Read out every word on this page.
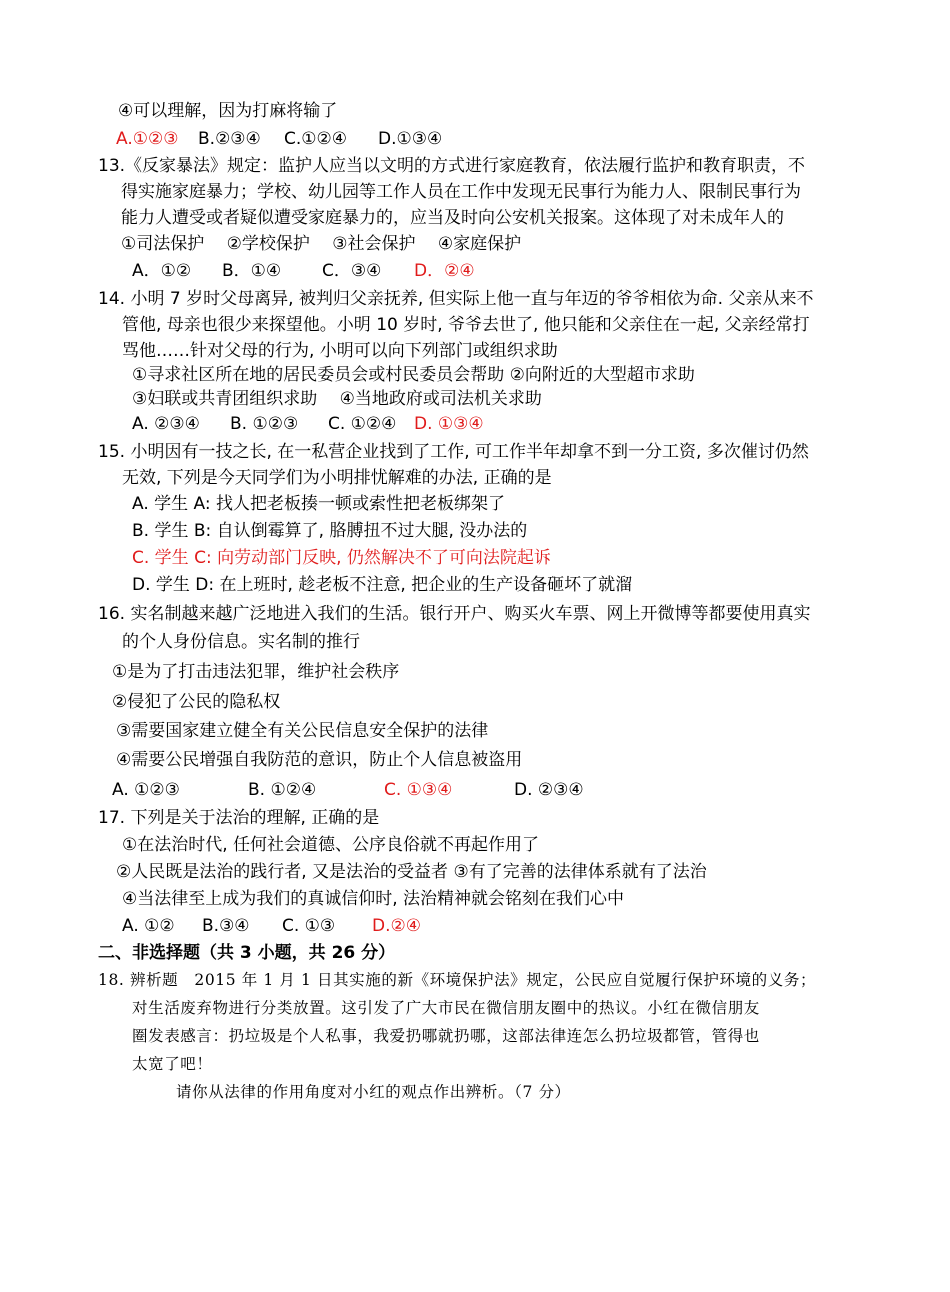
④可以理解，因为打麻将输了
A.①②③ B.②③④ C.①②④ D.①③④
13.《反家暴法》规定：监护人应当以文明的方式进行家庭教育，依法履行监护和教育职责，不
得实施家庭暴力；学校、幼儿园等工作人员在工作中发现无民事行为能力人、限制民事行为
能力人遭受或者疑似遭受家庭暴力的，应当及时向公安机关报案。这体现了对未成年人的
①司法保护　 ②学校保护　 ③社会保护　 ④家庭保护
A．①② B．①④ C．③④ D．②④
14. 小明 7 岁时父母离异, 被判归父亲抚养, 但实际上他一直与年迈的爷爷相依为命. 父亲从来不
管他, 母亲也很少来探望他。小明 10 岁时, 爷爷去世了, 他只能和父亲住在一起, 父亲经常打
骂他……针对父母的行为, 小明可以向下列部门或组织求助
①寻求社区所在地的居民委员会或村民委员会帮助 ②向附近的大型超市求助
③妇联或共青团组织求助　 ④当地政府或司法机关求助
A. ②③④ B. ①②③ C. ①②④ D. ①③④
15. 小明因有一技之长, 在一私营企业找到了工作, 可工作半年却拿不到一分工资, 多次催讨仍然
无效, 下列是今天同学们为小明排忧解难的办法, 正确的是
A. 学生 A: 找人把老板揍一顿或索性把老板绑架了
B. 学生 B: 自认倒霉算了, 胳膊扭不过大腿, 没办法的
C. 学生 C: 向劳动部门反映, 仍然解决不了可向法院起诉
D. 学生 D: 在上班时, 趁老板不注意, 把企业的生产设备砸坏了就溜
16. 实名制越来越广泛地进入我们的生活。银行开户、购买火车票、网上开微博等都要使用真实
的个人身份信息。实名制的推行
①是为了打击违法犯罪，维护社会秩序
②侵犯了公民的隐私权
③需要国家建立健全有关公民信息安全保护的法律
④需要公民增强自我防范的意识，防止个人信息被盗用
A. ①②③	B. ①②④	C. ①③④	D. ②③④
17. 下列是关于法治的理解, 正确的是
①在法治时代, 任何社会道德、公序良俗就不再起作用了
②人民既是法治的践行者, 又是法治的受益者 ③有了完善的法律体系就有了法治
④当法律至上成为我们的真诚信仰时, 法治精神就会铭刻在我们心中
A. ①② B.③④ C. ①③ D.②④
二、非选择题（共 3 小题，共 26 分）
18. 辨析题　2015 年 1 月 1 日其实施的新《环境保护法》规定，公民应自觉履行保护环境的义务；
对生活废弃物进行分类放置。这引发了广大市民在微信朋友圈中的热议。小红在微信朋友
圈发表感言：扔垃圾是个人私事，我爱扔哪就扔哪，这部法律连怎么扔垃圾都管，管得也
太宽了吧！
请你从法律的作用角度对小红的观点作出辨析。（7 分）
